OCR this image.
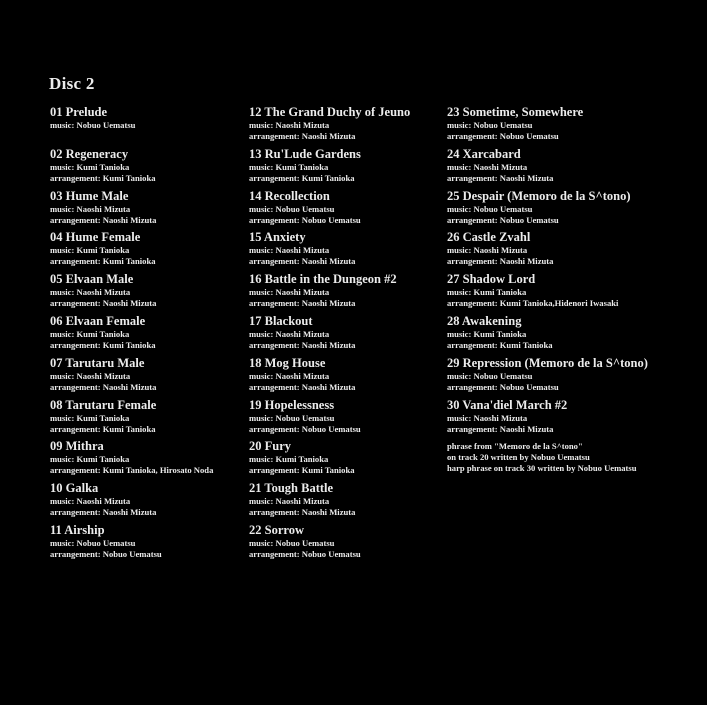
Disc 2
01 Prelude
music: Nobuo Uematsu
02 Regeneracy
music: Kumi Tanioka
arrangement: Kumi Tanioka
03 Hume Male
music: Naoshi Mizuta
arrangement: Naoshi Mizuta
04 Hume Female
music: Kumi Tanioka
arrangement: Kumi Tanioka
05 Elvaan Male
music: Naoshi Mizuta
arrangement: Naoshi Mizuta
06 Elvaan Female
music: Kumi Tanioka
arrangement: Kumi Tanioka
07 Tarutaru Male
music: Naoshi Mizuta
arrangement: Naoshi Mizuta
08 Tarutaru Female
music: Kumi Tanioka
arrangement: Kumi Tanioka
09 Mithra
music: Kumi Tanioka
arrangement: Kumi Tanioka, Hirosato Noda
10 Galka
music: Naoshi Mizuta
arrangement: Naoshi Mizuta
11 Airship
music: Nobuo Uematsu
arrangement: Nobuo Uematsu
12 The Grand Duchy of Jeuno
music: Naoshi Mizuta
arrangement: Naoshi Mizuta
13 Ru'Lude Gardens
music: Kumi Tanioka
arrangement: Kumi Tanioka
14 Recollection
music: Nobuo Uematsu
arrangement: Nobuo Uematsu
15 Anxiety
music: Naoshi Mizuta
arrangement: Naoshi Mizuta
16 Battle in the Dungeon #2
music: Naoshi Mizuta
arrangement: Naoshi Mizuta
17 Blackout
music: Naoshi Mizuta
arrangement: Naoshi Mizuta
18 Mog House
music: Naoshi Mizuta
arrangement: Naoshi Mizuta
19 Hopelessness
music: Nobuo Uematsu
arrangement: Nobuo Uematsu
20 Fury
music: Kumi Tanioka
arrangement: Kumi Tanioka
21 Tough Battle
music: Naoshi Mizuta
arrangement: Naoshi Mizuta
22 Sorrow
music: Nobuo Uematsu
arrangement: Nobuo Uematsu
23 Sometime, Somewhere
music: Nobuo Uematsu
arrangement: Nobuo Uematsu
24 Xarcabard
music: Naoshi Mizuta
arrangement: Naoshi Mizuta
25 Despair (Memoro de la S^tono)
music: Nobuo Uematsu
arrangement: Nobuo Uematsu
26 Castle Zvahl
music: Naoshi Mizuta
arrangement: Naoshi Mizuta
27 Shadow Lord
music: Kumi Tanioka
arrangement: Kumi Tanioka,Hidenori Iwasaki
28 Awakening
music: Kumi Tanioka
arrangement: Kumi Tanioka
29 Repression (Memoro de la S^tono)
music: Nobuo Uematsu
arrangement: Nobuo Uematsu
30 Vana'diel March #2
music: Naoshi Mizuta
arrangement: Naoshi Mizuta
phrase from "Memoro de la S^tono"
on track 20 written by Nobuo Uematsu
harp phrase on track 30 written by Nobuo Uematsu
